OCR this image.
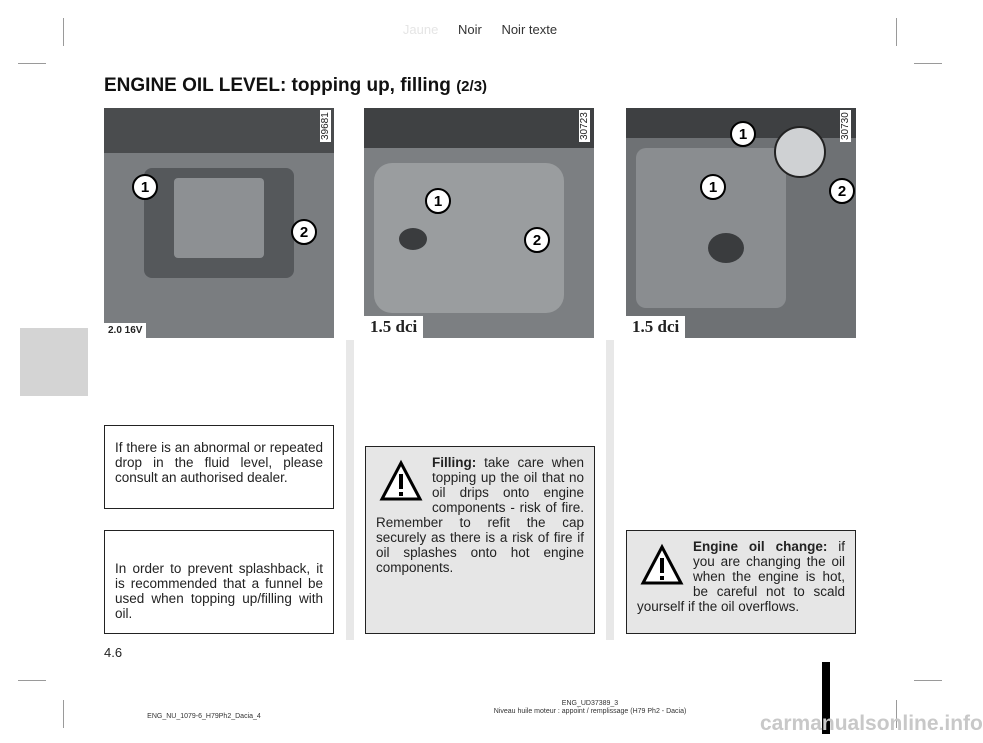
Jaune Noir Noir texte
ENGINE OIL LEVEL: topping up, filling (2/3)
1
2
2.0 16V
39681
1
2
1.5 dci
30723	1
1	2
1.5 dci
30730
If there is an abnormal or repeated drop in the fluid level, please consult an authorised dealer.
In order to prevent splashback, it is recommended that a funnel be used when topping up/filling with oil.
Filling: take care when topping up the oil that no oil drips onto engine components - risk of fire. Remember to refit the cap securely as there is a risk of fire if oil splashes onto hot engine components.
Engine oil change: if you are changing the oil when the engine is hot, be careful not to scald yourself if the oil overflows.
4.6
ENG_NU_1079-6_H79Ph2_Dacia_4
ENG_UD37389_3
Niveau huile moteur : appoint / remplissage (H79 Ph2 - Dacia)
carmanualsonline.info
